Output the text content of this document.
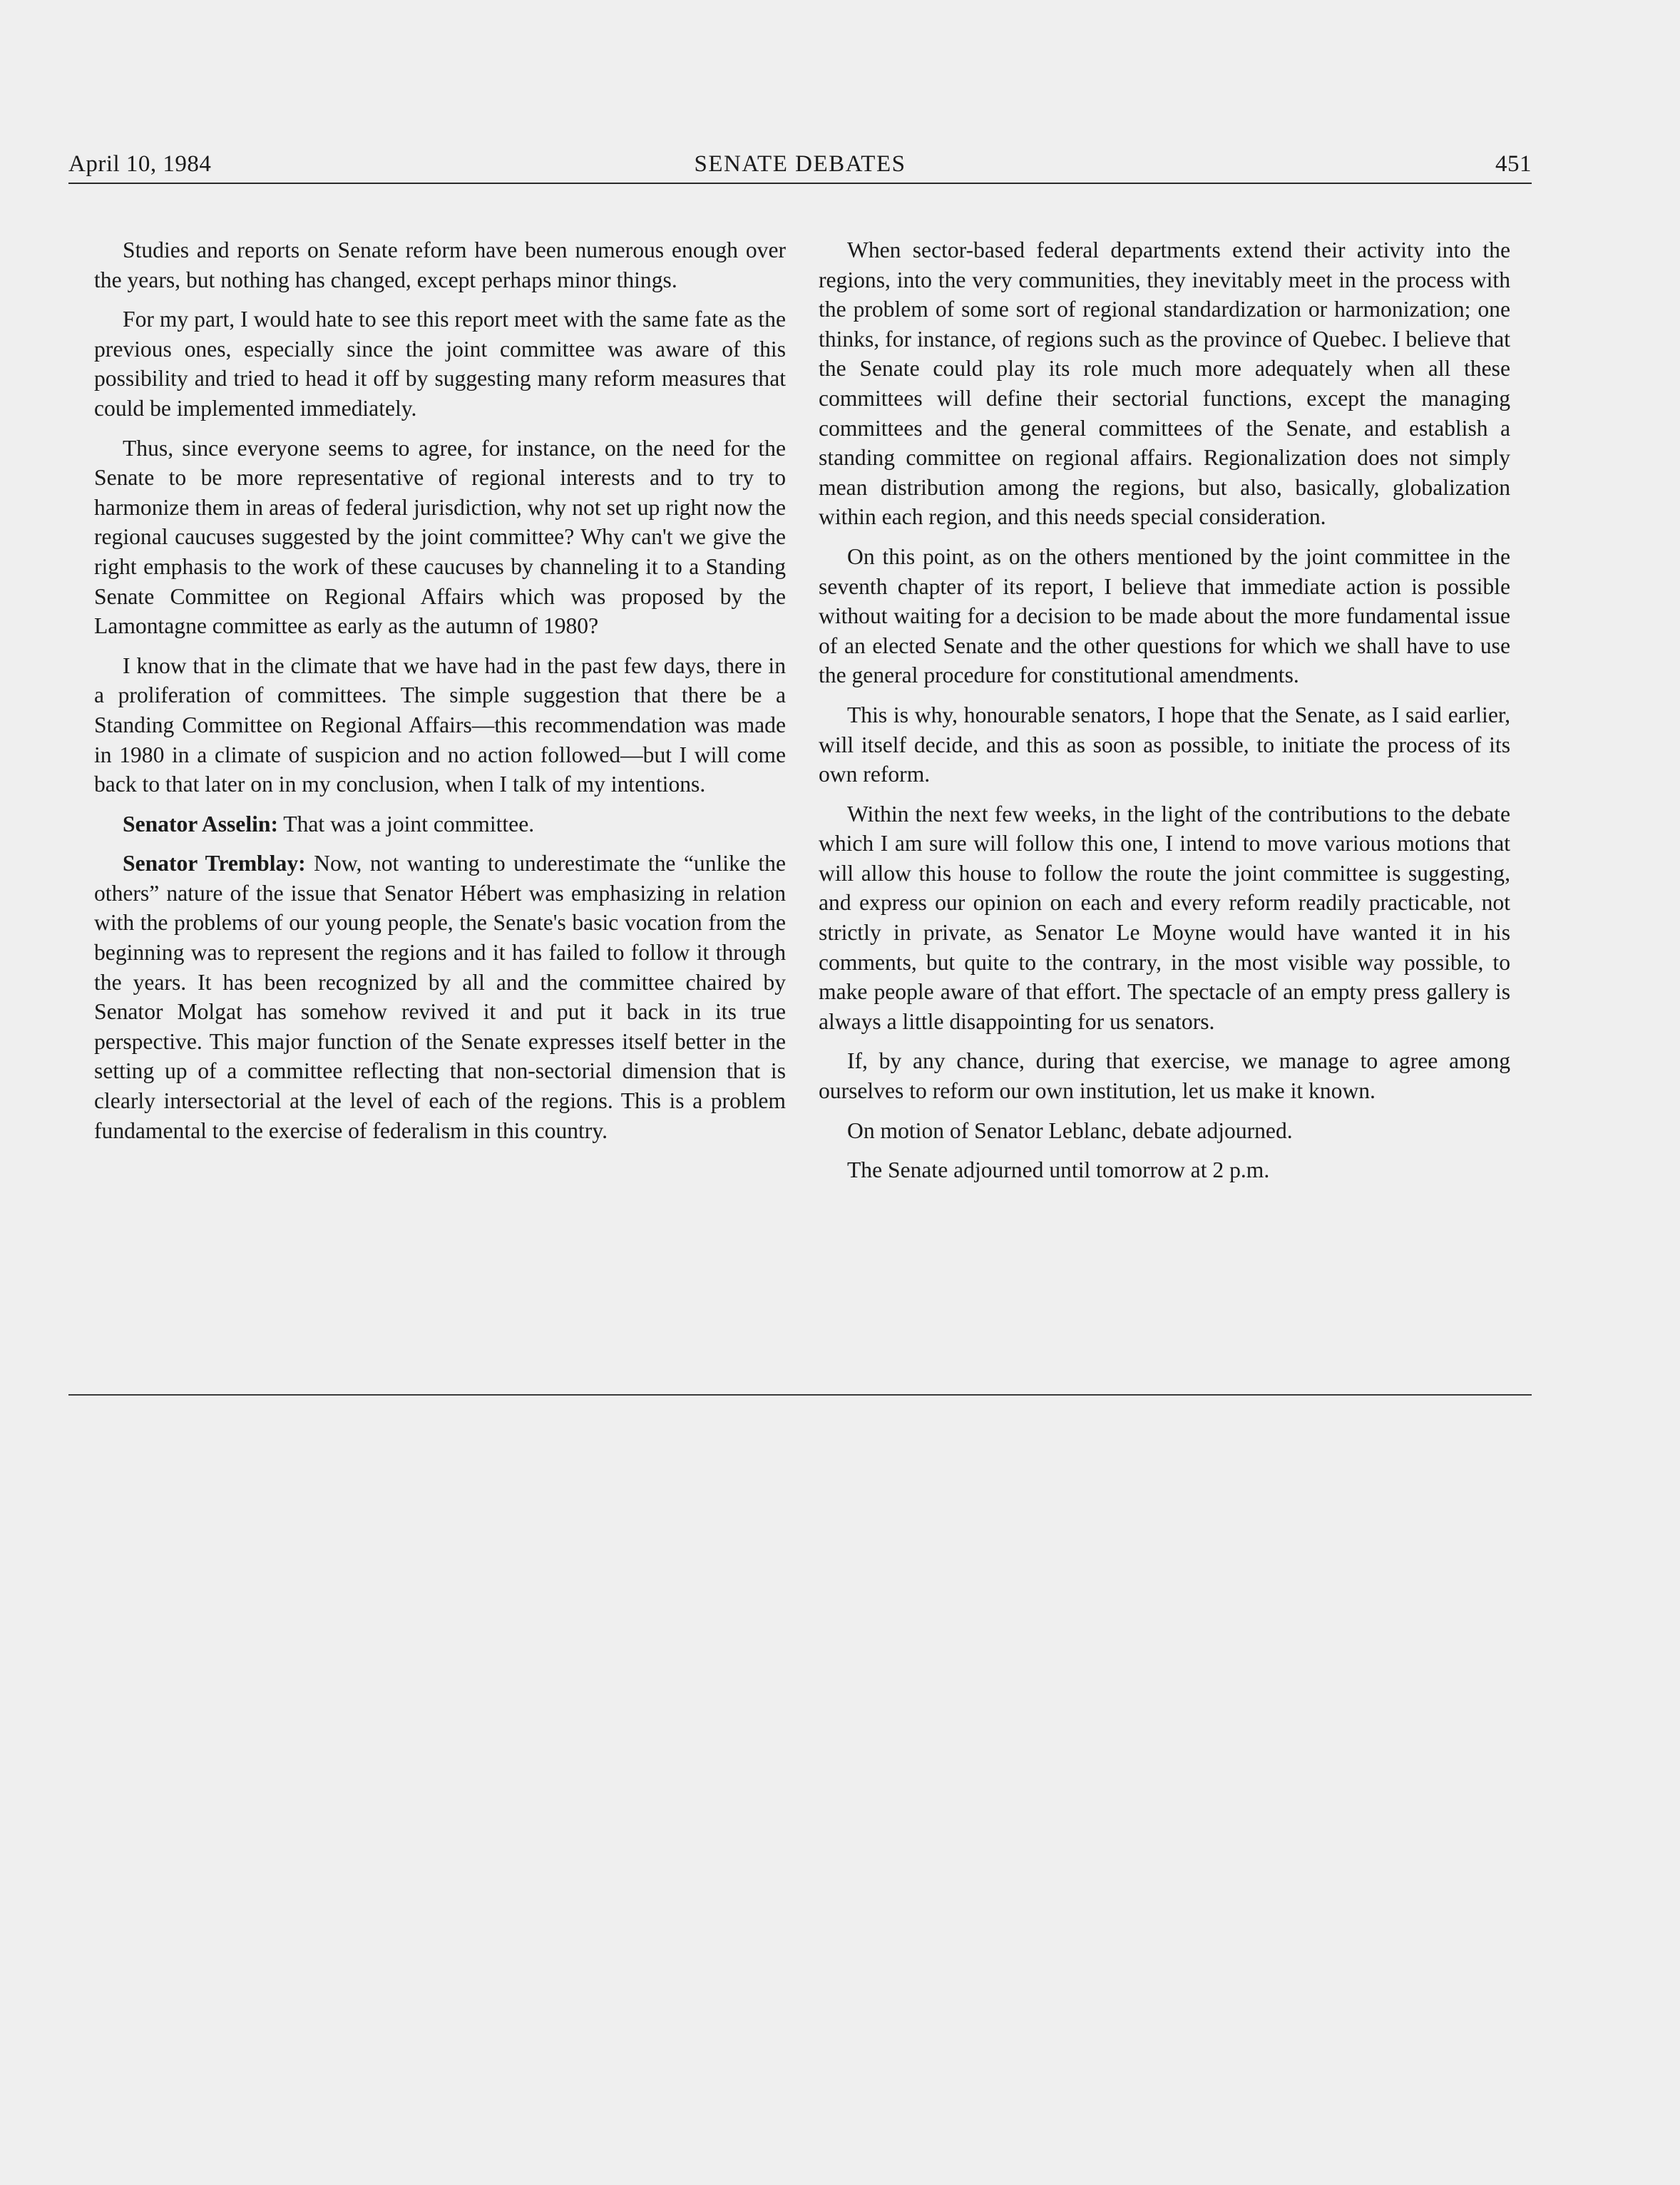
April 10, 1984	SENATE DEBATES	451

Studies and reports on Senate reform have been numerous enough over the years, but nothing has changed, except perhaps minor things.

For my part, I would hate to see this report meet with the same fate as the previous ones, especially since the joint committee was aware of this possibility and tried to head it off by suggesting many reform measures that could be implemented immediately.

Thus, since everyone seems to agree, for instance, on the need for the Senate to be more representative of regional interests and to try to harmonize them in areas of federal jurisdiction, why not set up right now the regional caucuses suggested by the joint committee? Why can't we give the right emphasis to the work of these caucuses by channeling it to a Standing Senate Committee on Regional Affairs which was proposed by the Lamontagne committee as early as the autumn of 1980?

I know that in the climate that we have had in the past few days, there in a proliferation of committees. The simple suggestion that there be a Standing Committee on Regional Affairs—this recommendation was made in 1980 in a climate of suspicion and no action followed—but I will come back to that later on in my conclusion, when I talk of my intentions.

Senator Asselin: That was a joint committee.

Senator Tremblay: Now, not wanting to underestimate the “unlike the others” nature of the issue that Senator Hébert was emphasizing in relation with the problems of our young people, the Senate's basic vocation from the beginning was to represent the regions and it has failed to follow it through the years. It has been recognized by all and the committee chaired by Senator Molgat has somehow revived it and put it back in its true perspective. This major function of the Senate expresses itself better in the setting up of a committee reflecting that non-sectorial dimension that is clearly intersectorial at the level of each of the regions. This is a problem fundamental to the exercise of federalism in this country.

When sector-based federal departments extend their activity into the regions, into the very communities, they inevitably meet in the process with the problem of some sort of regional standardization or harmonization; one thinks, for instance, of regions such as the province of Quebec. I believe that the Senate could play its role much more adequately when all these committees will define their sectorial functions, except the managing committees and the general committees of the Senate, and establish a standing committee on regional affairs. Regionalization does not simply mean distribution among the regions, but also, basically, globalization within each region, and this needs special consideration.

On this point, as on the others mentioned by the joint committee in the seventh chapter of its report, I believe that immediate action is possible without waiting for a decision to be made about the more fundamental issue of an elected Senate and the other questions for which we shall have to use the general procedure for constitutional amendments.

This is why, honourable senators, I hope that the Senate, as I said earlier, will itself decide, and this as soon as possible, to initiate the process of its own reform.

Within the next few weeks, in the light of the contributions to the debate which I am sure will follow this one, I intend to move various motions that will allow this house to follow the route the joint committee is suggesting, and express our opinion on each and every reform readily practicable, not strictly in private, as Senator Le Moyne would have wanted it in his comments, but quite to the contrary, in the most visible way possible, to make people aware of that effort. The spectacle of an empty press gallery is always a little disappointing for us senators.

If, by any chance, during that exercise, we manage to agree among ourselves to reform our own institution, let us make it known.

On motion of Senator Leblanc, debate adjourned.

The Senate adjourned until tomorrow at 2 p.m.
